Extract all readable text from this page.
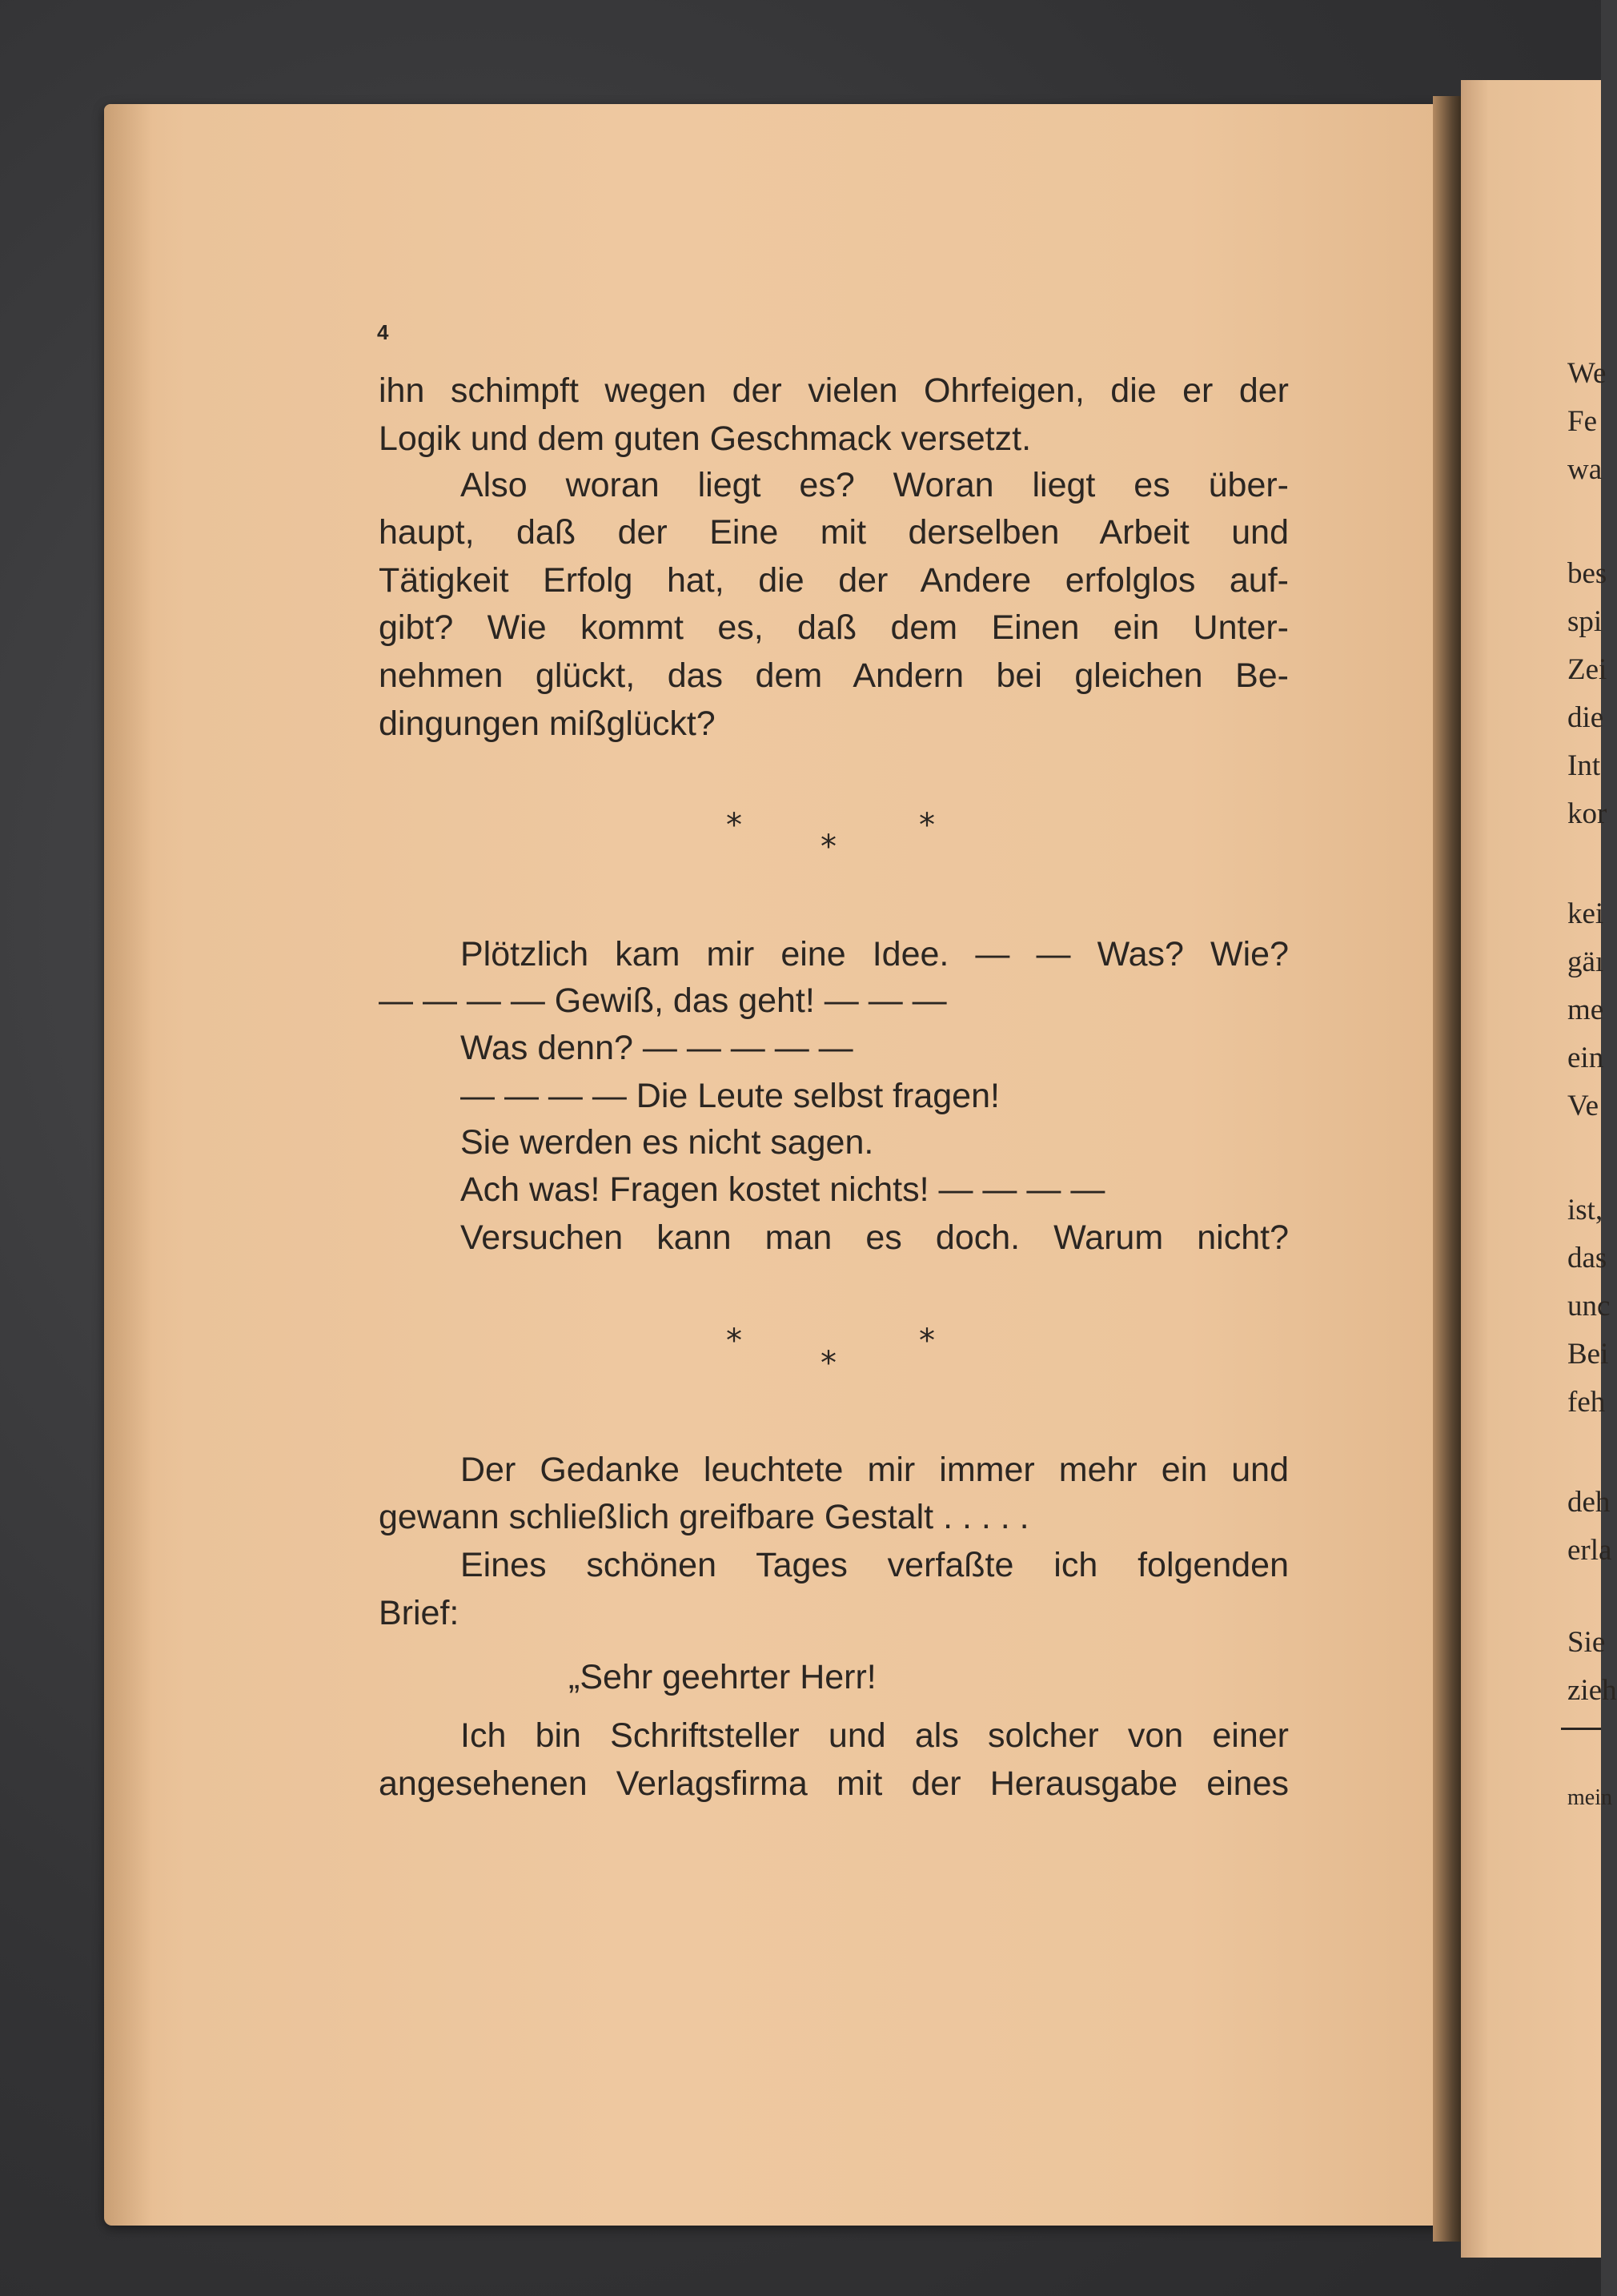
4
ihn schimpft wegen der vielen Ohrfeigen, die er der
Logik und dem guten Geschmack versetzt.
Also woran liegt es? Woran liegt es über-
haupt, daß der Eine mit derselben Arbeit und
Tätigkeit Erfolg hat, die der Andere erfolglos auf-
gibt? Wie kommt es, daß dem Einen ein Unter-
nehmen glückt, das dem Andern bei gleichen Be-
dingungen mißglückt?
*
*
*
Plötzlich kam mir eine Idee. — — Was? Wie?
— — — — Gewiß, das geht! — — —
Was denn? — — — — —
— — — — Die Leute selbst fragen!
Sie werden es nicht sagen.
Ach was! Fragen kostet nichts! — — — —
Versuchen kann man es doch. Warum nicht?
*
*
*
Der Gedanke leuchtete mir immer mehr ein und
gewann schließlich greifbare Gestalt . . . . .
Eines schönen Tages verfaßte ich folgenden
Brief:
„Sehr geehrter Herr!
Ich bin Schriftsteller und als solcher von einer
angesehenen Verlagsfirma mit der Herausgabe eines
We
Fe
wa
bes
spi
Zei
die
Int
kor
kei
gäı
me
ein
Ve
ist,
das
unc
Bei
feh
deh
erla
Sie
zieh
mein
